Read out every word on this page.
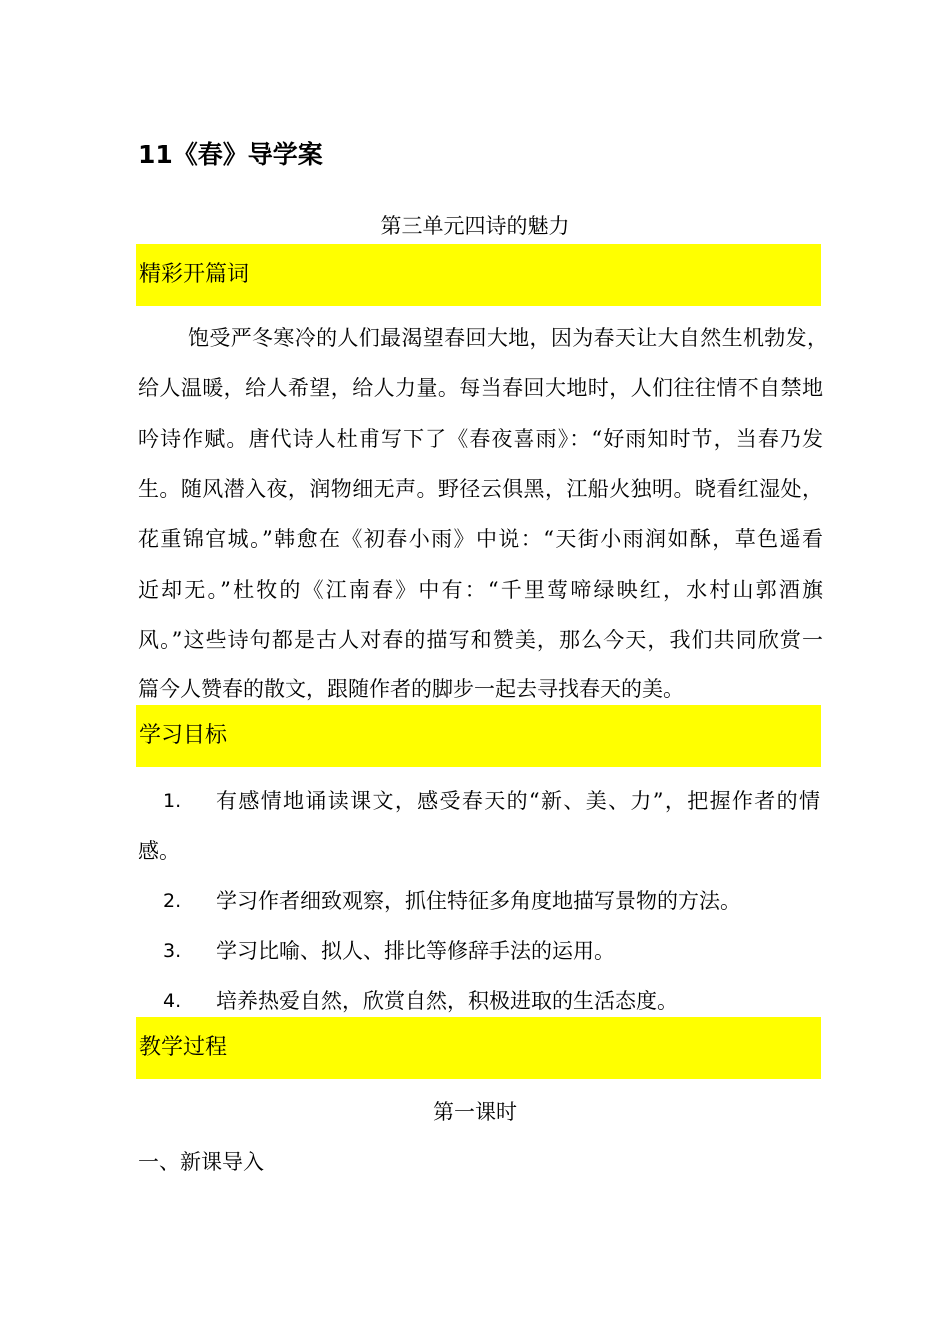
11《春》导学案
第三单元四诗的魅力
精彩开篇词
饱受严冬寒冷的人们最渴望春回大地，因为春天让大自然生机勃发，
给人温暖，给人希望，给人力量。每当春回大地时，人们往往情不自禁地
吟诗作赋。唐代诗人杜甫写下了《春夜喜雨》：“好雨知时节，当春乃发
生。随风潜入夜，润物细无声。野径云俱黑，江船火独明。晓看红湿处，
花重锦官城。”韩愈在《初春小雨》中说：“天街小雨润如酥，草色遥看
近却无。”杜牧的《江南春》中有：“千里莺啼绿映红，水村山郭酒旗
风。”这些诗句都是古人对春的描写和赞美，那么今天，我们共同欣赏一
篇今人赞春的散文，跟随作者的脚步一起去寻找春天的美。
学习目标
1. 有感情地诵读课文，感受春天的“新、美、力”，把握作者的情
感。
2. 学习作者细致观察，抓住特征多角度地描写景物的方法。
3. 学习比喻、拟人、排比等修辞手法的运用。
4. 培养热爱自然，欣赏自然，积极进取的生活态度。
教学过程
第一课时
一、新课导入
